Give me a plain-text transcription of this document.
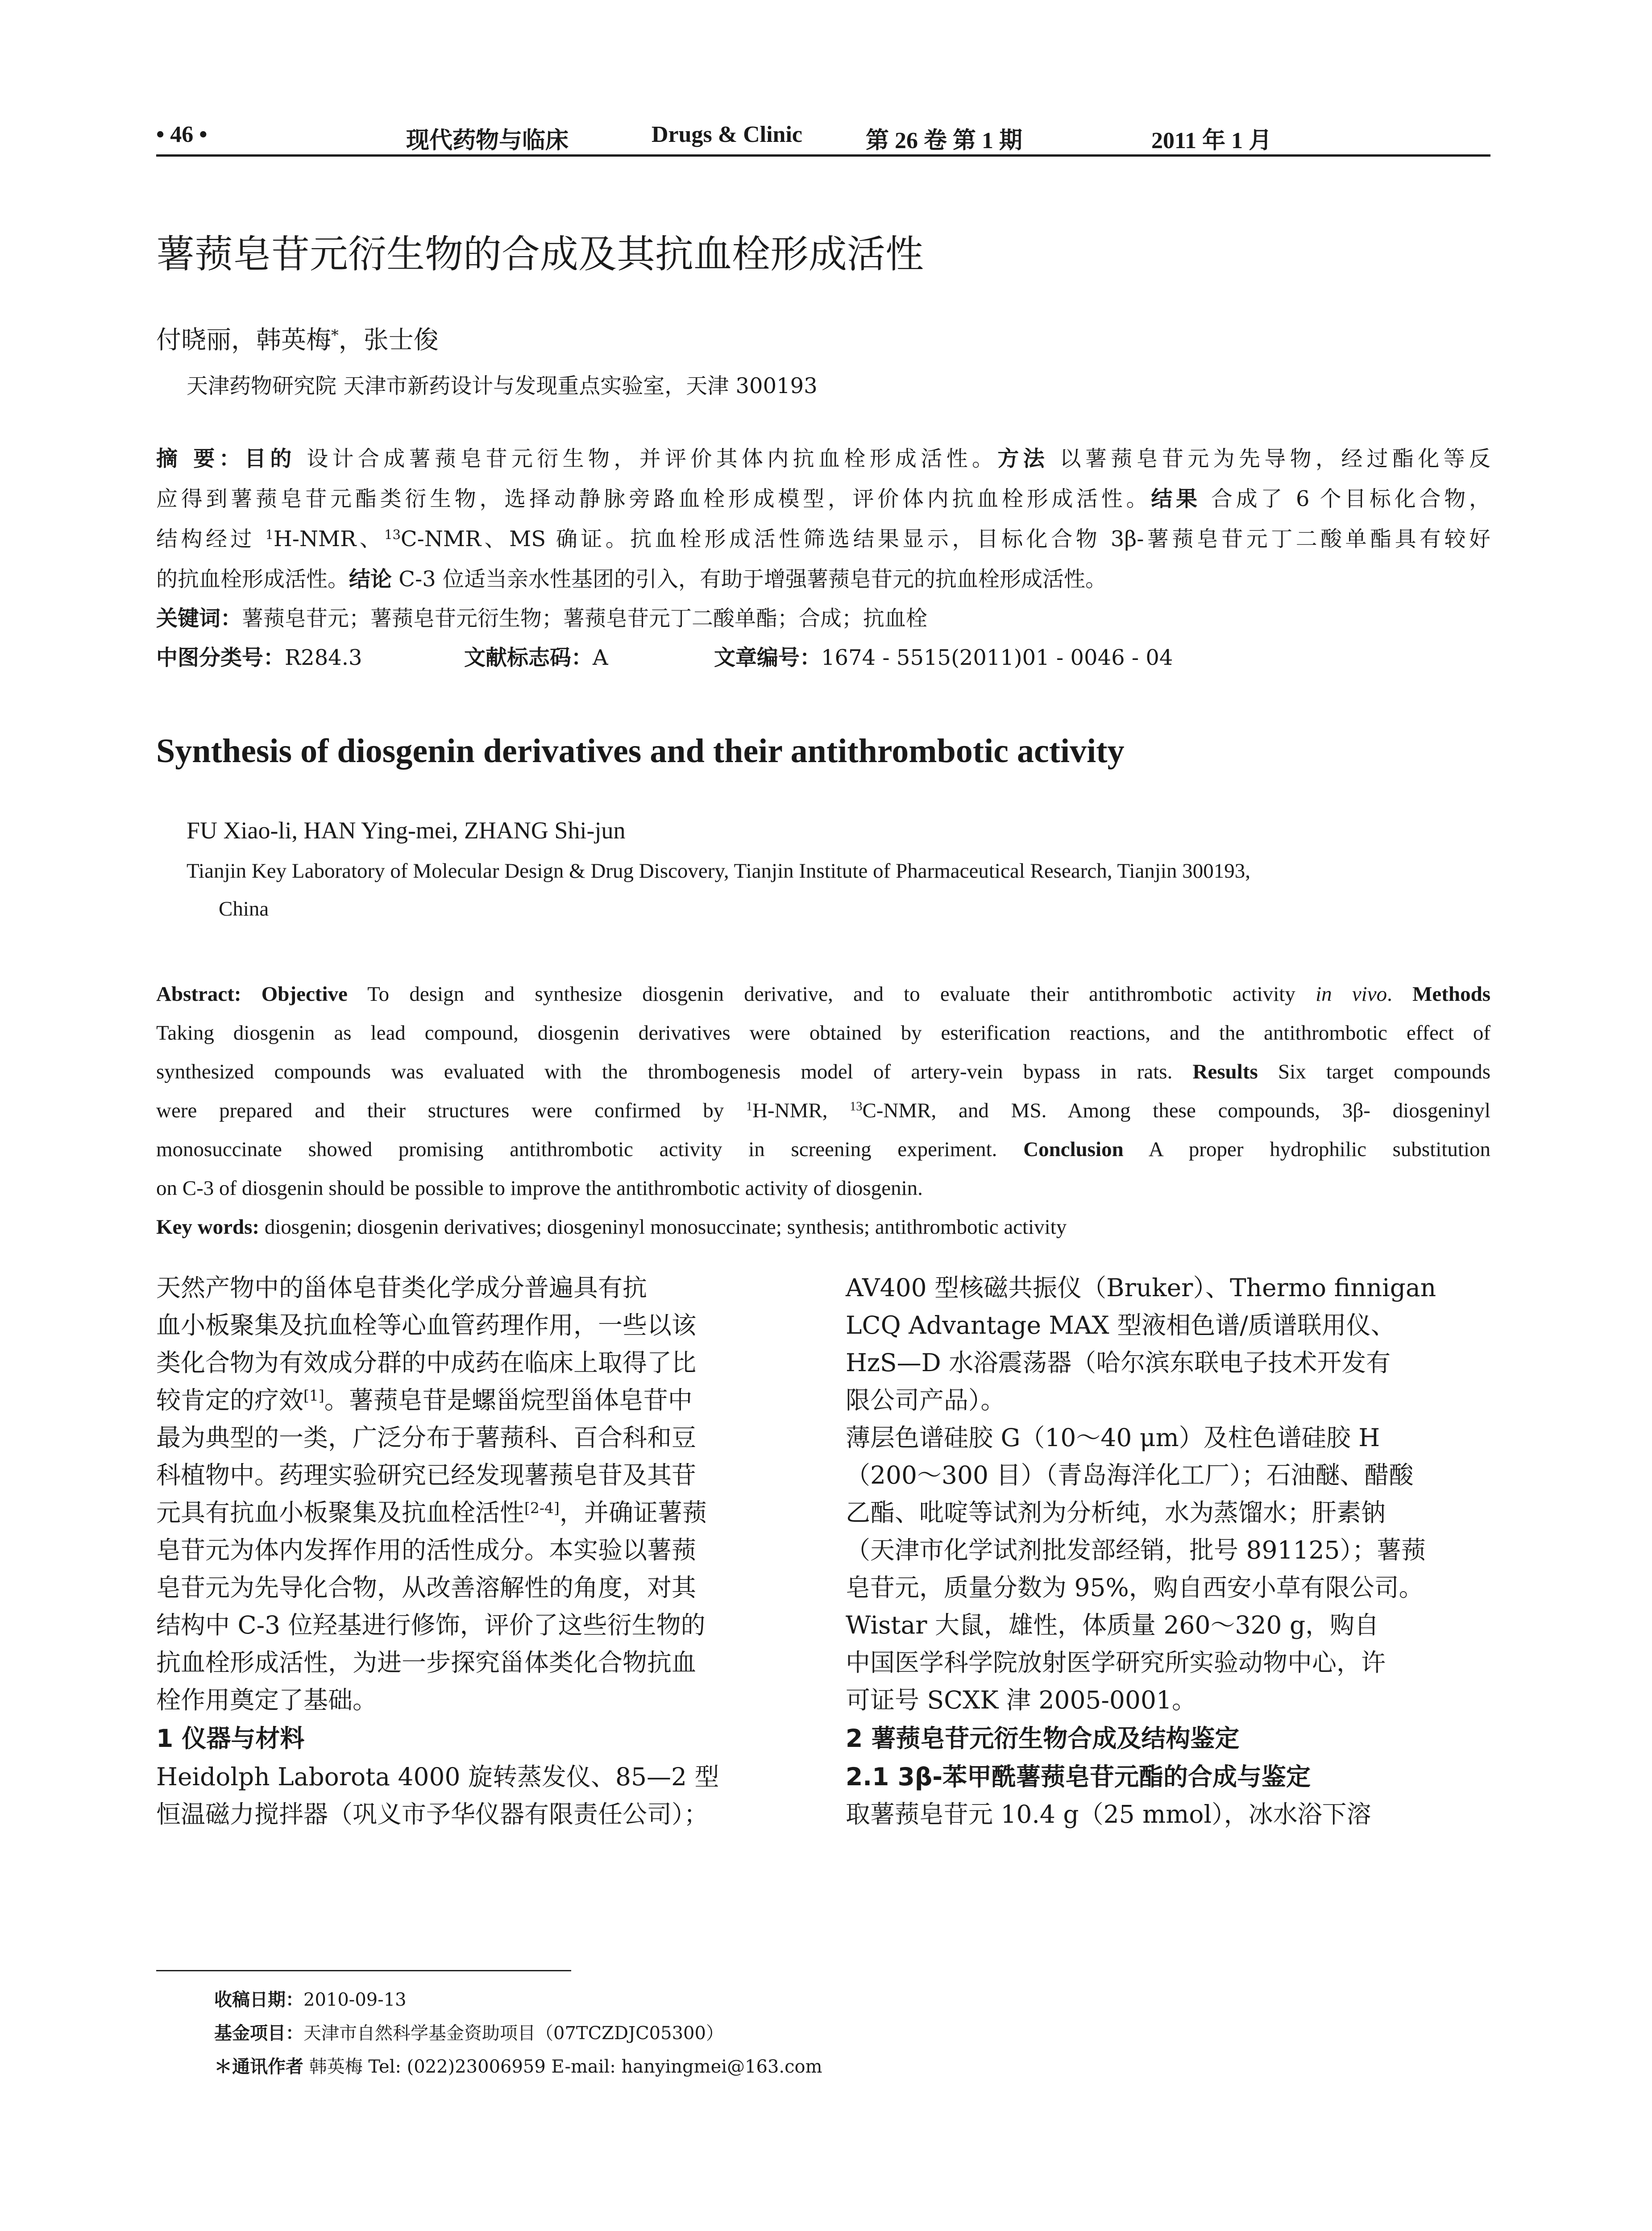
• 46 •	现代药物与临床	Drugs & Clinic	第 26 卷 第 1 期	2011 年 1 月
薯蓣皂苷元衍生物的合成及其抗血栓形成活性
付晓丽，韩英梅*，张士俊
天津药物研究院 天津市新药设计与发现重点实验室，天津 300193
摘 要：目的 设计合成薯蓣皂苷元衍生物，并评价其体内抗血栓形成活性。方法 以薯蓣皂苷元为先导物，经过酯化等反
应得到薯蓣皂苷元酯类衍生物，选择动静脉旁路血栓形成模型，评价体内抗血栓形成活性。结果 合成了 6 个目标化合物，
结构经过 $^1$H-NMR、$^{13}$C-NMR、MS 确证。抗血栓形成活性筛选结果显示，目标化合物 3β-薯蓣皂苷元丁二酸单酯具有较好
的抗血栓形成活性。结论 C-3 位适当亲水性基团的引入，有助于增强薯蓣皂苷元的抗血栓形成活性。
关键词：薯蓣皂苷元；薯蓣皂苷元衍生物；薯蓣皂苷元丁二酸单酯；合成；抗血栓
中图分类号：R284.3	文献标志码：A	文章编号：1674 - 5515(2011)01 - 0046 - 04
Synthesis of diosgenin derivatives and their antithrombotic activity
FU Xiao-li, HAN Ying-mei, ZHANG Shi-jun
Tianjin Key Laboratory of Molecular Design & Drug Discovery, Tianjin Institute of Pharmaceutical Research, Tianjin 300193,
China
Abstract: Objective To design and synthesize diosgenin derivative, and to evaluate their antithrombotic activity in vivo. Methods
Taking diosgenin as lead compound, diosgenin derivatives were obtained by esterification reactions, and the antithrombotic effect of
synthesized compounds was evaluated with the thrombogenesis model of artery-vein bypass in rats. Results Six target compounds
were prepared and their structures were confirmed by $^1$H-NMR, $^{13}$C-NMR, and MS. Among these compounds, 3β- diosgeninyl
monosuccinate showed promising antithrombotic activity in screening experiment. Conclusion A proper hydrophilic substitution
on C-3 of diosgenin should be possible to improve the antithrombotic activity of diosgenin.
Key words: diosgenin; diosgenin derivatives; diosgeninyl monosuccinate; synthesis; antithrombotic activity
天然产物中的甾体皂苷类化学成分普遍具有抗
血小板聚集及抗血栓等心血管药理作用，一些以该
类化合物为有效成分群的中成药在临床上取得了比
较肯定的疗效[1]。薯蓣皂苷是螺甾烷型甾体皂苷中
最为典型的一类，广泛分布于薯蓣科、百合科和豆
科植物中。药理实验研究已经发现薯蓣皂苷及其苷
元具有抗血小板聚集及抗血栓活性[2-4]，并确证薯蓣
皂苷元为体内发挥作用的活性成分。本实验以薯蓣
皂苷元为先导化合物，从改善溶解性的角度，对其
结构中 C-3 位羟基进行修饰，评价了这些衍生物的
抗血栓形成活性，为进一步探究甾体类化合物抗血
栓作用奠定了基础。
1 仪器与材料
Heidolph Laborota 4000 旋转蒸发仪、85—2 型
恒温磁力搅拌器（巩义市予华仪器有限责任公司）；
AV400 型核磁共振仪（Bruker）、Thermo finnigan
LCQ Advantage MAX 型液相色谱/质谱联用仪、
HzS—D 水浴震荡器（哈尔滨东联电子技术开发有
限公司产品）。
薄层色谱硅胶 G（10～40 μm）及柱色谱硅胶 H
（200～300 目）（青岛海洋化工厂）；石油醚、醋酸
乙酯、吡啶等试剂为分析纯，水为蒸馏水；肝素钠
（天津市化学试剂批发部经销，批号 891125）；薯蓣
皂苷元，质量分数为 95%，购自西安小草有限公司。
Wistar 大鼠，雄性，体质量 260～320 g，购自
中国医学科学院放射医学研究所实验动物中心，许
可证号 SCXK 津 2005-0001。
2 薯蓣皂苷元衍生物合成及结构鉴定
2.1 3β-苯甲酰薯蓣皂苷元酯的合成与鉴定
取薯蓣皂苷元 10.4 g（25 mmol），冰水浴下溶
收稿日期：2010-09-13
基金项目：天津市自然科学基金资助项目（07TCZDJC05300）
＊通讯作者 韩英梅 Tel: (022)23006959 E-mail: hanyingmei@163.com
